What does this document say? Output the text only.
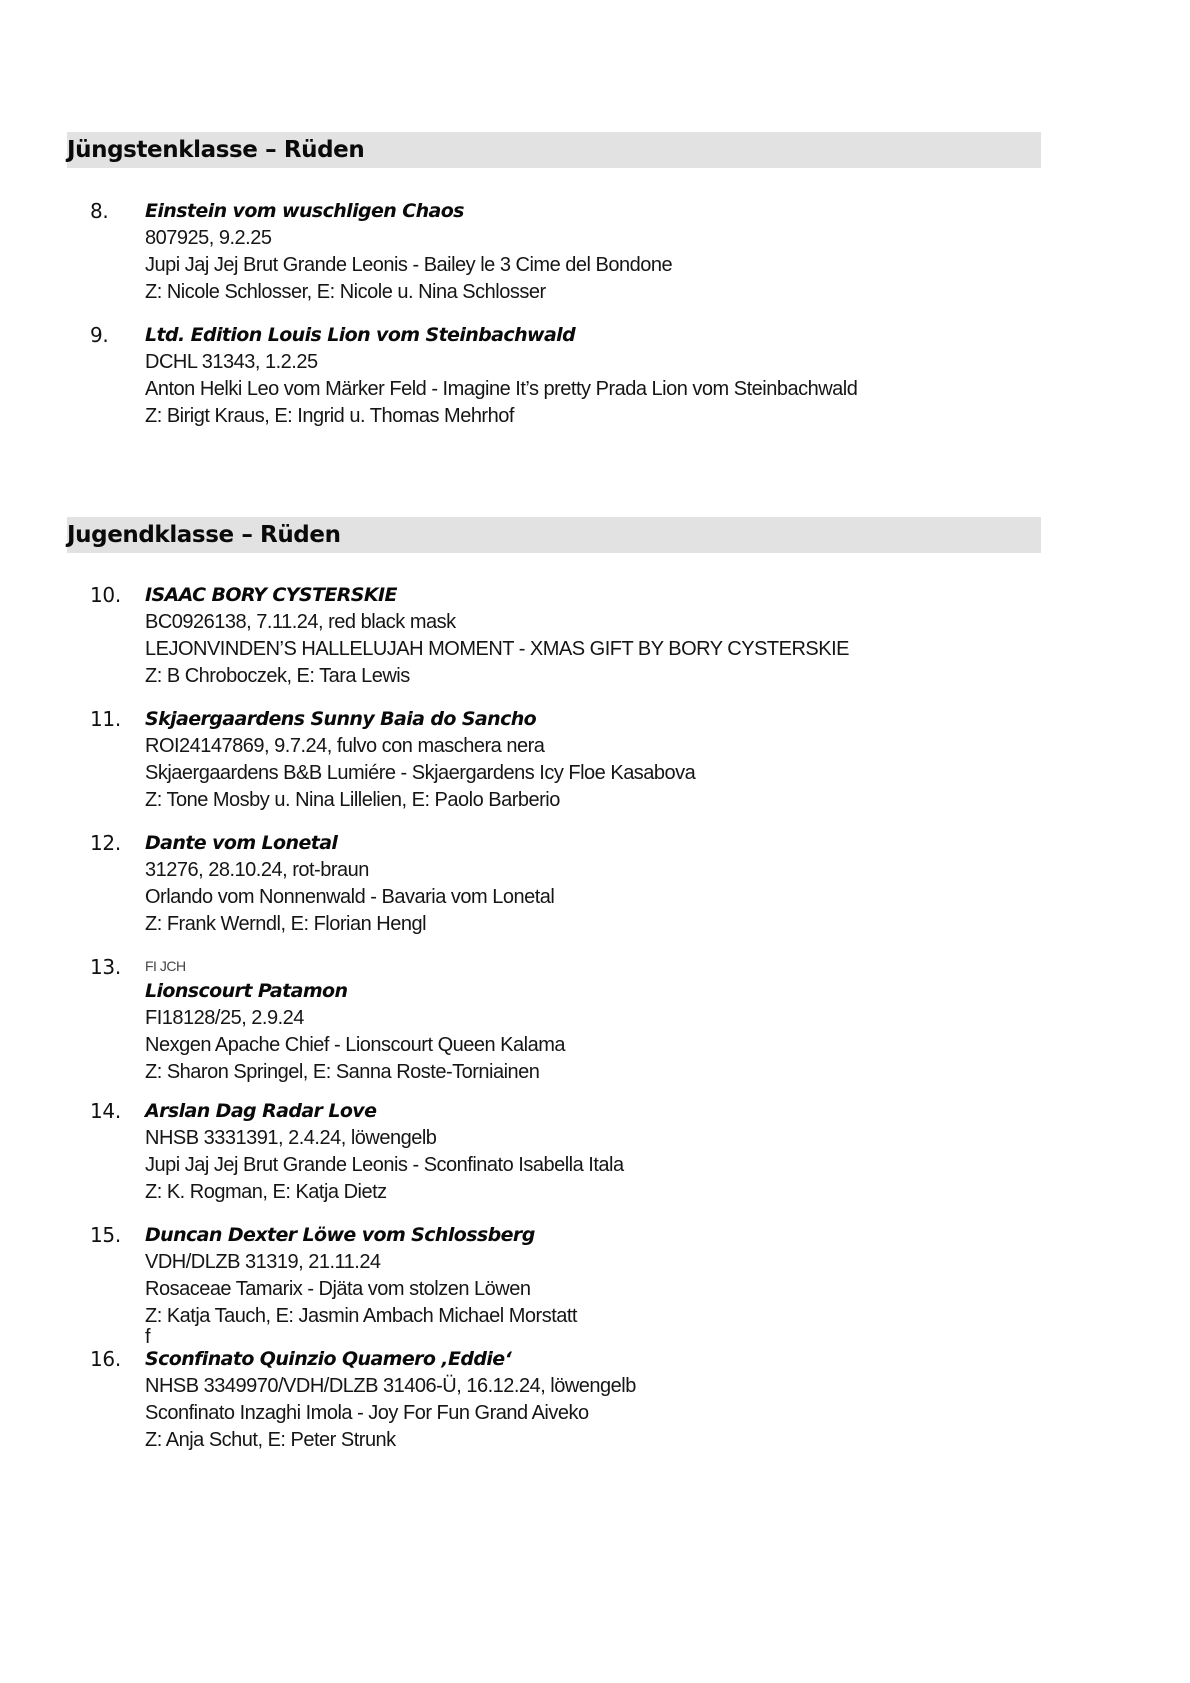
Jüngstenklasse – Rüden
8. Einstein vom wuschligen Chaos
807925, 9.2.25
Jupi Jaj Jej Brut Grande Leonis - Bailey le 3 Cime del Bondone
Z: Nicole Schlosser, E: Nicole u. Nina Schlosser
9. Ltd. Edition Louis Lion vom Steinbachwald
DCHL 31343, 1.2.25
Anton Helki Leo vom Märker Feld - Imagine It’s pretty Prada Lion vom Steinbachwald
Z: Birigt Kraus, E: Ingrid u. Thomas Mehrhof
Jugendklasse – Rüden
10. ISAAC BORY CYSTERSKIE
BC0926138, 7.11.24, red black mask
LEJONVINDEN’S HALLELUJAH MOMENT - XMAS GIFT BY BORY CYSTERSKIE
Z: B Chroboczek, E: Tara Lewis
11. Skjaergaardens Sunny Baia do Sancho
ROI24147869, 9.7.24, fulvo con maschera nera
Skjaergaardens B&B Lumiére - Skjaergardens Icy Floe Kasabova
Z: Tone Mosby u. Nina Lillelien, E: Paolo Barberio
12. Dante vom Lonetal
31276, 28.10.24, rot-braun
Orlando vom Nonnenwald - Bavaria vom Lonetal
Z: Frank Werndl, E: Florian Hengl
13. FI JCH
Lionscourt Patamon
FI18128/25, 2.9.24
Nexgen Apache Chief - Lionscourt Queen Kalama
Z: Sharon Springel, E: Sanna Roste-Torniainen
14. Arslan Dag Radar Love
NHSB 3331391, 2.4.24, löwengelb
Jupi Jaj Jej Brut Grande Leonis - Sconfinato Isabella Itala
Z: K. Rogman, E: Katja Dietz
15. Duncan Dexter Löwe vom Schlossberg
VDH/DLZB 31319, 21.11.24
Rosaceae Tamarix - Djäta vom stolzen Löwen
Z: Katja Tauch, E: Jasmin Ambach Michael Morstatt
f
16. Sconfinato Quinzio Quamero ‚Eddie‘
NHSB 3349970/VDH/DLZB 31406-Ü, 16.12.24, löwengelb
Sconfinato Inzaghi Imola - Joy For Fun Grand Aiveko
Z: Anja Schut, E: Peter Strunk
